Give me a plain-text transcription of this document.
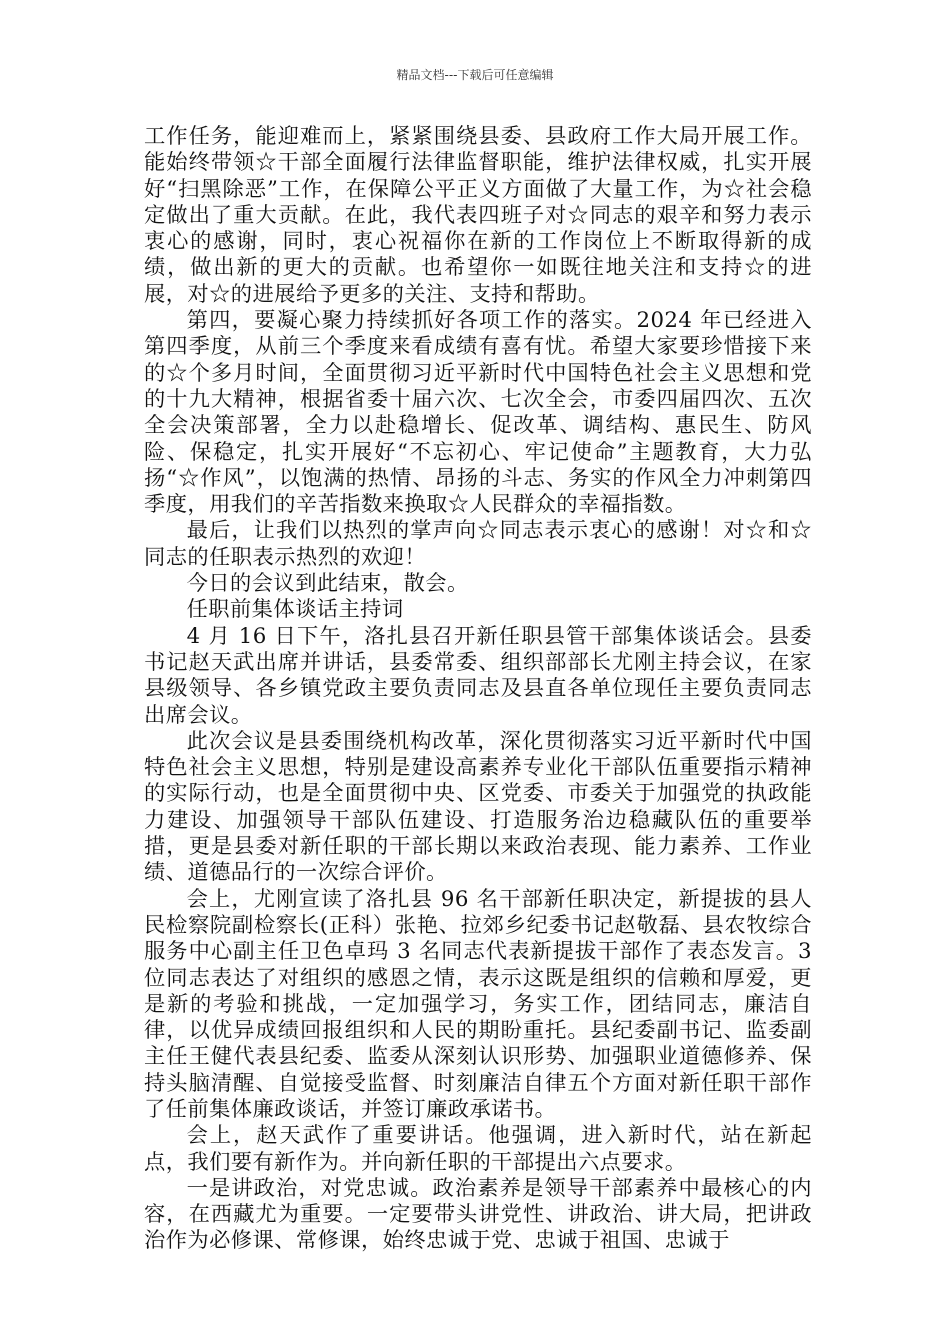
精品文档---下载后可任意编辑

工作任务，能迎难而上，紧紧围绕县委、县政府工作大局开展工作。能始终带领☆干部全面履行法律监督职能，维护法律权威，扎实开展好“扫黑除恶”工作，在保障公平正义方面做了大量工作，为☆社会稳定做出了重大贡献。在此，我代表四班子对☆同志的艰辛和努力表示衷心的感谢，同时，衷心祝福你在新的工作岗位上不断取得新的成绩，做出新的更大的贡献。也希望你一如既往地关注和支持☆的进展，对☆的进展给予更多的关注、支持和帮助。

第四，要凝心聚力持续抓好各项工作的落实。2024 年已经进入第四季度，从前三个季度来看成绩有喜有忧。希望大家要珍惜接下来的☆个多月时间，全面贯彻习近平新时代中国特色社会主义思想和党的十九大精神，根据省委十届六次、七次全会，市委四届四次、五次全会决策部署，全力以赴稳增长、促改革、调结构、惠民生、防风险、保稳定，扎实开展好“不忘初心、牢记使命”主题教育，大力弘扬“☆作风”，以饱满的热情、昂扬的斗志、务实的作风全力冲刺第四季度，用我们的辛苦指数来换取☆人民群众的幸福指数。

最后，让我们以热烈的掌声向☆同志表示衷心的感谢！对☆和☆同志的任职表示热烈的欢迎！

今日的会议到此结束，散会。

任职前集体谈话主持词

4 月 16 日下午，洛扎县召开新任职县管干部集体谈话会。县委书记赵天武出席并讲话，县委常委、组织部部长尤刚主持会议，在家县级领导、各乡镇党政主要负责同志及县直各单位现任主要负责同志出席会议。

此次会议是县委围绕机构改革，深化贯彻落实习近平新时代中国特色社会主义思想，特别是建设高素养专业化干部队伍重要指示精神的实际行动，也是全面贯彻中央、区党委、市委关于加强党的执政能力建设、加强领导干部队伍建设、打造服务治边稳藏队伍的重要举措，更是县委对新任职的干部长期以来政治表现、能力素养、工作业绩、道德品行的一次综合评价。

会上，尤刚宣读了洛扎县 96 名干部新任职决定，新提拔的县人民检察院副检察长(正科）张艳、拉郊乡纪委书记赵敬磊、县农牧综合服务中心副主任卫色卓玛 3 名同志代表新提拔干部作了表态发言。3 位同志表达了对组织的感恩之情，表示这既是组织的信赖和厚爱，更是新的考验和挑战，一定加强学习，务实工作，团结同志，廉洁自律，以优异成绩回报组织和人民的期盼重托。县纪委副书记、监委副主任王健代表县纪委、监委从深刻认识形势、加强职业道德修养、保持头脑清醒、自觉接受监督、时刻廉洁自律五个方面对新任职干部作了任前集体廉政谈话，并签订廉政承诺书。

会上，赵天武作了重要讲话。他强调，进入新时代，站在新起点，我们要有新作为。并向新任职的干部提出六点要求。

一是讲政治，对党忠诚。政治素养是领导干部素养中最核心的内容，在西藏尤为重要。一定要带头讲党性、讲政治、讲大局，把讲政治作为必修课、常修课，始终忠诚于党、忠诚于祖国、忠诚于
